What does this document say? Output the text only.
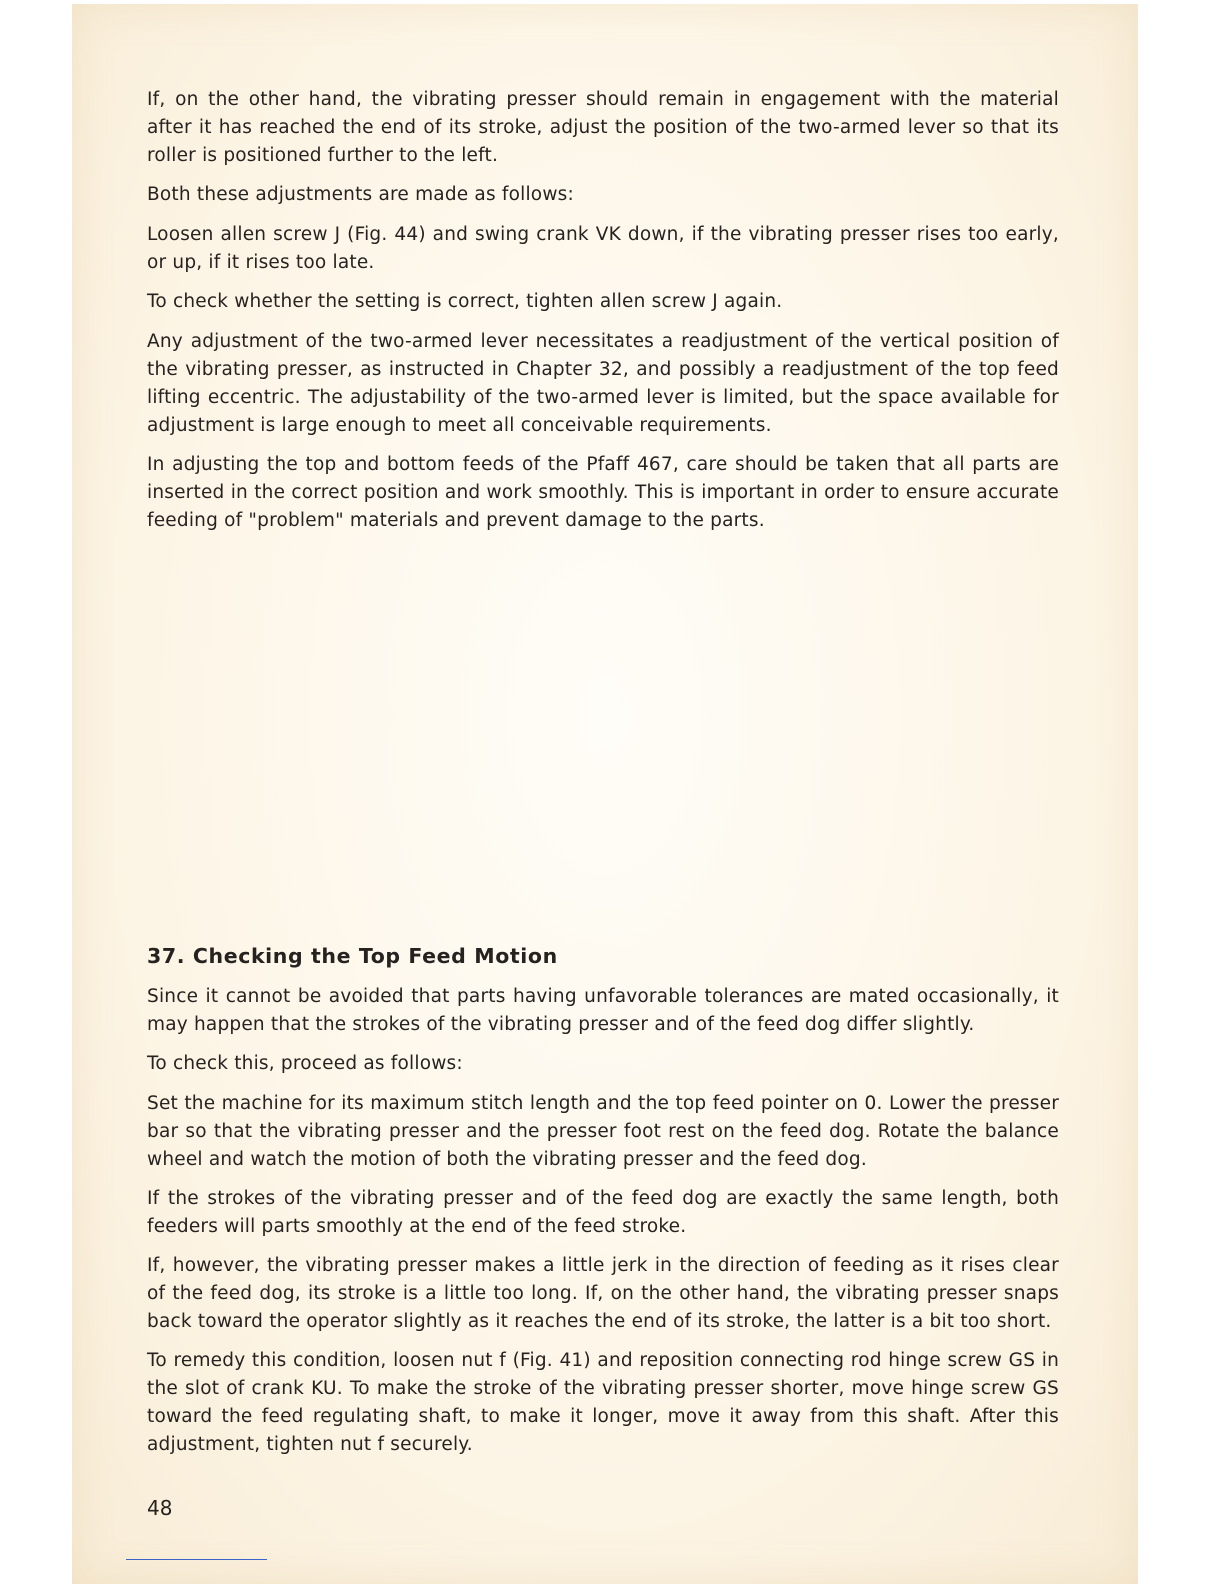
If, on the other hand, the vibrating presser should remain in engagement with the material after it has reached the end of its stroke, adjust the position of the two-armed lever so that its roller is positioned further to the left.

Both these adjustments are made as follows:

Loosen allen screw J (Fig. 44) and swing crank VK down, if the vibrating presser rises too early, or up, if it rises too late.

To check whether the setting is correct, tighten allen screw J again.

Any adjustment of the two-armed lever necessitates a readjustment of the vertical position of the vibrating presser, as instructed in Chapter 32, and possibly a readjustment of the top feed lifting eccentric. The adjustability of the two-armed lever is limited, but the space available for adjustment is large enough to meet all conceivable requirements.

In adjusting the top and bottom feeds of the Pfaff 467, care should be taken that all parts are inserted in the correct position and work smoothly. This is important in order to ensure accurate feeding of "problem" materials and prevent damage to the parts.

37. Checking the Top Feed Motion

Since it cannot be avoided that parts having unfavorable tolerances are mated occasionally, it may happen that the strokes of the vibrating presser and of the feed dog differ slightly.

To check this, proceed as follows:

Set the machine for its maximum stitch length and the top feed pointer on 0. Lower the presser bar so that the vibrating presser and the presser foot rest on the feed dog. Rotate the balance wheel and watch the motion of both the vibrating presser and the feed dog.

If the strokes of the vibrating presser and of the feed dog are exactly the same length, both feeders will parts smoothly at the end of the feed stroke.

If, however, the vibrating presser makes a little jerk in the direction of feeding as it rises clear of the feed dog, its stroke is a little too long. If, on the other hand, the vibrating presser snaps back toward the operator slightly as it reaches the end of its stroke, the latter is a bit too short.

To remedy this condition, loosen nut f (Fig. 41) and reposition connecting rod hinge screw GS in the slot of crank KU. To make the stroke of the vibrating presser shorter, move hinge screw GS toward the feed regulating shaft, to make it longer, move it away from this shaft. After this adjustment, tighten nut f securely.

48
